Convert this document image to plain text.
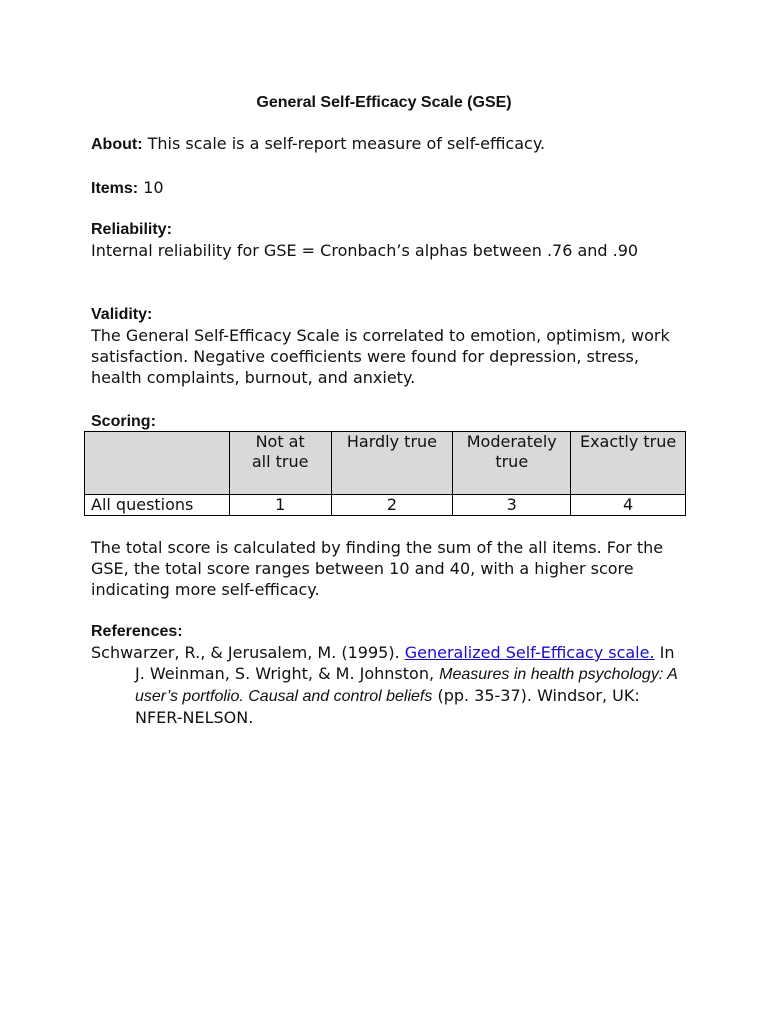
General Self-Efficacy Scale (GSE)
About: This scale is a self-report measure of self-efficacy.
Items: 10
Reliability:
Internal reliability for GSE = Cronbach’s alphas between .76 and .90
Validity:
The General Self-Efficacy Scale is correlated to emotion, optimism, work satisfaction. Negative coefficients were found for depression, stress, health complaints, burnout, and anxiety.
Scoring:

	Not at all true	Hardly true	Moderately true	Exactly true
All questions	1	2	3	4
The total score is calculated by finding the sum of the all items. For the GSE, the total score ranges between 10 and 40, with a higher score indicating more self-efficacy.
References:
Schwarzer, R., & Jerusalem, M. (1995). Generalized Self-Efficacy scale. In
J. Weinman, S. Wright, & M. Johnston, Measures in health psychology: A user’s portfolio. Causal and control beliefs (pp. 35-37). Windsor, UK: NFER-NELSON.
